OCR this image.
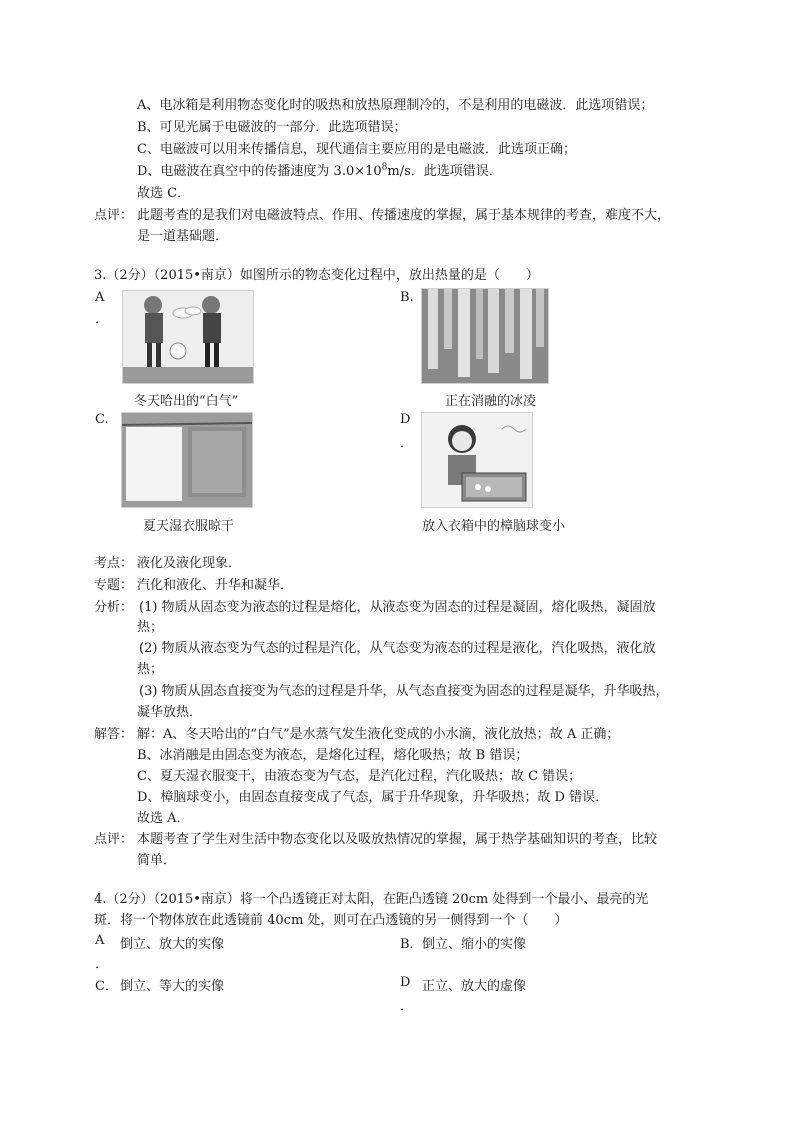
A、电冰箱是利用物态变化时的吸热和放热原理制冷的，不是利用的电磁波．此选项错误；
B、可见光属于电磁波的一部分．此选项错误；
C、电磁波可以用来传播信息，现代通信主要应用的是电磁波．此选项正确；
D、电磁波在真空中的传播速度为 $3.0\times 10^8m/s$．此选项错误．
故选 C．
点评： 此题考查的是我们对电磁波特点、作用、传播速度的掌握，属于基本规律的考查，难度不大，
是一道基础题．
3.（2分）（2015•南京）如图所示的物态变化过程中，放出热量的是（　　）
A
．
冬天哈出的“白气”
B.
正在消融的冰凌
C.
夏天湿衣服晾干
D
．
放入衣箱中的樟脑球变小
考点： 液化及液化现象．
专题： 汽化和液化、升华和凝华．
分析： (1) 物质从固态变为液态的过程是熔化，从液态变为固态的过程是凝固，熔化吸热，凝固放
热；
(2) 物质从液态变为气态的过程是汽化，从气态变为液态的过程是液化，汽化吸热，液化放
热；
(3) 物质从固态直接变为气态的过程是升华，从气态直接变为固态的过程是凝华，升华吸热，
凝华放热．
解答： 解：A、冬天哈出的“白气”是水蒸气发生液化变成的小水滴，液化放热；故 A 正确；
B、冰消融是由固态变为液态，是熔化过程，熔化吸热；故 B 错误；
C、夏天湿衣服变干，由液态变为气态，是汽化过程，汽化吸热；故 C 错误；
D、樟脑球变小，由固态直接变成了气态，属于升华现象，升华吸热；故 D 错误．
故选 A．
点评： 本题考查了学生对生活中物态变化以及吸放热情况的掌握，属于热学基础知识的考查，比较
简单．
4.（2分）（2015•南京）将一个凸透镜正对太阳，在距凸透镜 20cm 处得到一个最小、最亮的光
斑．将一个物体放在此透镜前 40cm 处，则可在凸透镜的另一侧得到一个（　　）
A 倒立、放大的实像
．
B． 倒立、缩小的实像
C． 倒立、等大的实像	D 正立、放大的虚像
．
